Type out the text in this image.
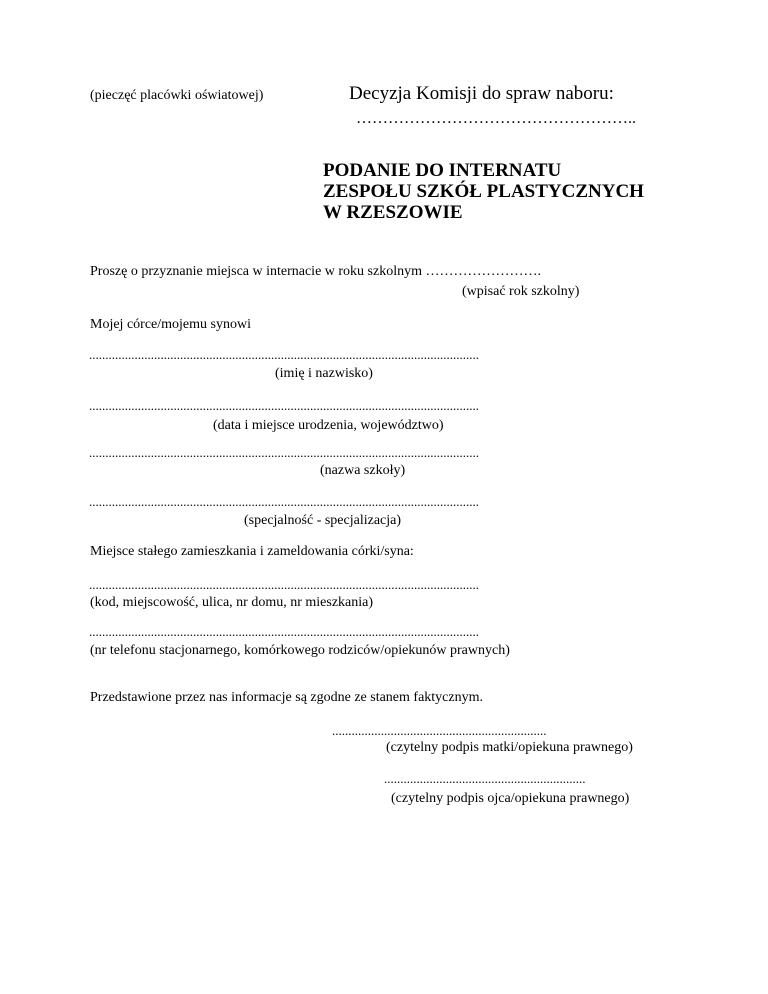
(pieczęć placówki oświatowej)	Decyzja Komisji do spraw naboru:
……………………………………………..
PODANIE DO INTERNATU
ZESPOŁU SZKÓŁ PLASTYCZNYCH
W RZESZOWIE
Proszę o przyznanie miejsca w internacie w roku szkolnym …………………….
(wpisać rok szkolny)
Mojej córce/mojemu synowi
........................................................................................................................
(imię i nazwisko)
........................................................................................................................
(data i miejsce urodzenia, województwo)
........................................................................................................................
(nazwa szkoły)
........................................................................................................................
(specjalność - specjalizacja)
Miejsce stałego zamieszkania i zameldowania córki/syna:
........................................................................................................................
(kod, miejscowość, ulica, nr domu, nr mieszkania)
........................................................................................................................
(nr telefonu stacjonarnego, komórkowego rodziców/opiekunów prawnych)
Przedstawione przez nas informacje są zgodne ze stanem faktycznym.
..................................................................
(czytelny podpis matki/opiekuna prawnego)
..............................................................
(czytelny podpis ojca/opiekuna prawnego)
